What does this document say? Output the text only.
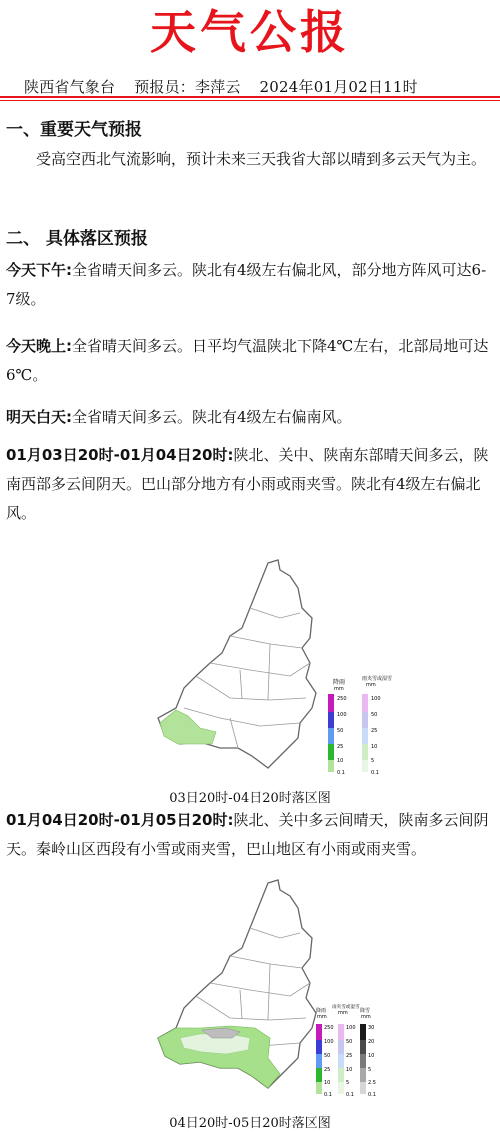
天气公报
陕西省气象台 预报员：李萍云 2024年01月02日11时
一、重要天气预报
受高空西北气流影响，预计未来三天我省大部以晴到多云天气为主。
二、 具体落区预报
今天下午:全省晴天间多云。陕北有4级左右偏北风，部分地方阵风可达6-7级。
今天晚上:全省晴天间多云。日平均气温陕北下降4℃左右，北部局地可达6℃。
明天白天:全省晴天间多云。陕北有4级左右偏南风。
01月03日20时-01月04日20时:陕北、关中、陕南东部晴天间多云，陕南西部多云间阴天。巴山部分地方有小雨或雨夹雪。陕北有4级左右偏北风。
降雨
mm
250
100
50
25
10
0.1
雨夹雪或湿雪
mm
100
50
25
10
5
0.1
03日20时-04日20时落区图
01月04日20时-01月05日20时:陕北、关中多云间晴天，陕南多云间阴天。秦岭山区西段有小雪或雨夹雪，巴山地区有小雨或雨夹雪。
降雨
mm
250
100
50
25
10
0.1
雨夹雪或湿雪
mm
100
50
25
10
5
0.1
降雪
mm
30
20
10
5
2.5
0.1
04日20时-05日20时落区图
